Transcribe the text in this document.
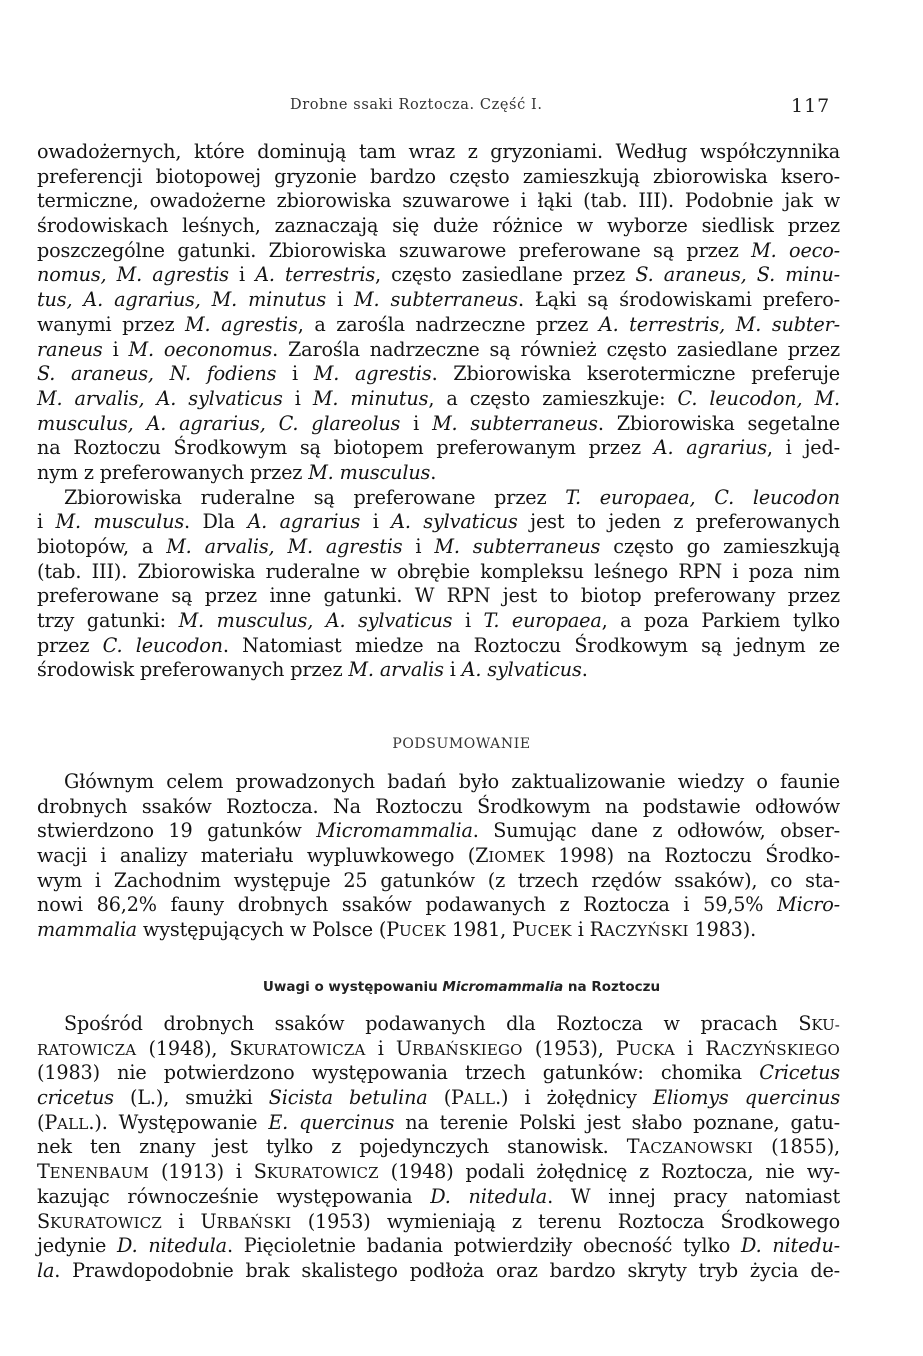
Drobne ssaki Roztocza. Część I.	117
owadożernych, które dominują tam wraz z gryzoniami. Według współczynnika
preferencji biotopowej gryzonie bardzo często zamieszkują zbiorowiska ksero-
termiczne, owadożerne zbiorowiska szuwarowe i łąki (tab. III). Podobnie jak w
środowiskach leśnych, zaznaczają się duże różnice w wyborze siedlisk przez
poszczególne gatunki. Zbiorowiska szuwarowe preferowane są przez M. oeco-
nomus, M. agrestis i A. terrestris, często zasiedlane przez S. araneus, S. minu-
tus, A. agrarius, M. minutus i M. subterraneus. Łąki są środowiskami prefero-
wanymi przez M. agrestis, a zarośla nadrzeczne przez A. terrestris, M. subter-
raneus i M. oeconomus. Zarośla nadrzeczne są również często zasiedlane przez
S. araneus, N. fodiens i M. agrestis. Zbiorowiska kserotermiczne preferuje
M. arvalis, A. sylvaticus i M. minutus, a często zamieszkuje: C. leucodon, M.
musculus, A. agrarius, C. glareolus i M. subterraneus. Zbiorowiska segetalne
na Roztoczu Środkowym są biotopem preferowanym przez A. agrarius, i jed-
nym z preferowanych przez M. musculus.
Zbiorowiska ruderalne są preferowane przez T. europaea, C. leucodon
i M. musculus. Dla A. agrarius i A. sylvaticus jest to jeden z preferowanych
biotopów, a M. arvalis, M. agrestis i M. subterraneus często go zamieszkują
(tab. III). Zbiorowiska ruderalne w obrębie kompleksu leśnego RPN i poza nim
preferowane są przez inne gatunki. W RPN jest to biotop preferowany przez
trzy gatunki: M. musculus, A. sylvaticus i T. europaea, a poza Parkiem tylko
przez C. leucodon. Natomiast miedze na Roztoczu Środkowym są jednym ze
środowisk preferowanych przez M. arvalis i A. sylvaticus.
PODSUMOWANIE
Głównym celem prowadzonych badań było zaktualizowanie wiedzy o faunie
drobnych ssaków Roztocza. Na Roztoczu Środkowym na podstawie odłowów
stwierdzono 19 gatunków Micromammalia. Sumując dane z odłowów, obser-
wacji i analizy materiału wypluwkowego (ZIOMEK 1998) na Roztoczu Środko-
wym i Zachodnim występuje 25 gatunków (z trzech rzędów ssaków), co sta-
nowi 86,2% fauny drobnych ssaków podawanych z Roztocza i 59,5% Micro-
mammalia występujących w Polsce (PUCEK 1981, PUCEK i RACZYŃSKI 1983).
Uwagi o występowaniu Micromammalia na Roztoczu
Spośród drobnych ssaków podawanych dla Roztocza w pracach SKU-
RATOWICZA (1948), SKURATOWICZA i URBAŃSKIEGO (1953), PUCKA i RACZYŃSKIEGO
(1983) nie potwierdzono występowania trzech gatunków: chomika Cricetus
cricetus (L.), smużki Sicista betulina (PALL.) i żołędnicy Eliomys quercinus
(PALL.). Występowanie E. quercinus na terenie Polski jest słabo poznane, gatu-
nek ten znany jest tylko z pojedynczych stanowisk. TACZANOWSKI (1855),
TENENBAUM (1913) i SKURATOWICZ (1948) podali żołędnicę z Roztocza, nie wy-
kazując równocześnie występowania D. nitedula. W innej pracy natomiast
SKURATOWICZ i URBAŃSKI (1953) wymieniają z terenu Roztocza Środkowego
jedynie D. nitedula. Pięcioletnie badania potwierdziły obecność tylko D. nitedu-
la. Prawdopodobnie brak skalistego podłoża oraz bardzo skryty tryb życia de-
